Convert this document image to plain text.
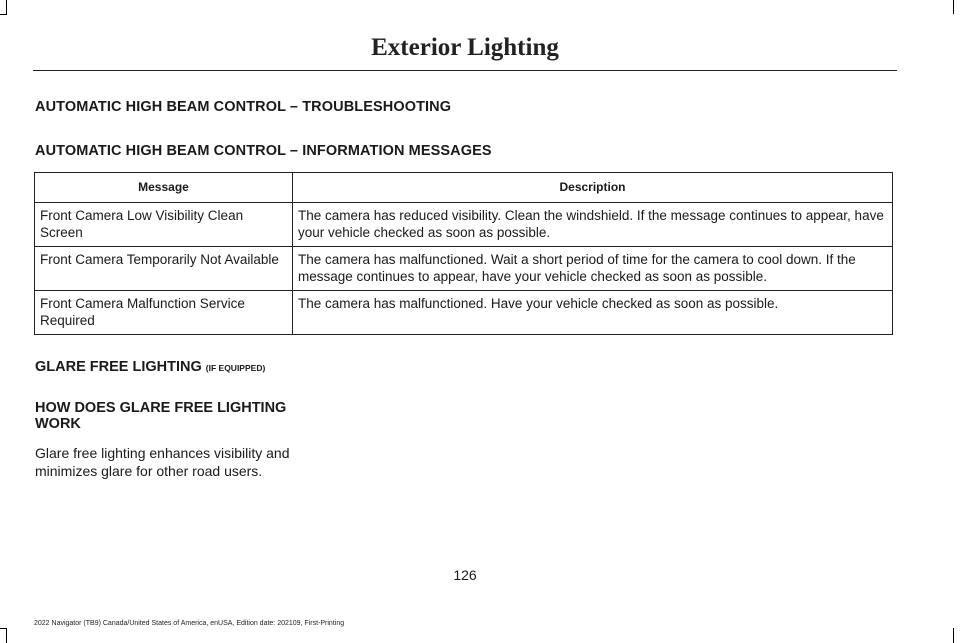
Exterior Lighting
AUTOMATIC HIGH BEAM CONTROL – TROUBLESHOOTING
AUTOMATIC HIGH BEAM CONTROL – INFORMATION MESSAGES
Message	Description
Front Camera Low Visibility Clean Screen	The camera has reduced visibility. Clean the windshield. If the message continues to appear, have your vehicle checked as soon as possible.
Front Camera Temporarily Not Available	The camera has malfunctioned. Wait a short period of time for the camera to cool down. If the message continues to appear, have your vehicle checked as soon as possible.
Front Camera Malfunction Service Required	The camera has malfunctioned. Have your vehicle checked as soon as possible.
GLARE FREE LIGHTING (IF EQUIPPED)
HOW DOES GLARE FREE LIGHTING WORK
Glare free lighting enhances visibility and minimizes glare for other road users.
126
2022 Navigator (TB9) Canada/United States of America, enUSA, Edition date: 202109, First-Printing
